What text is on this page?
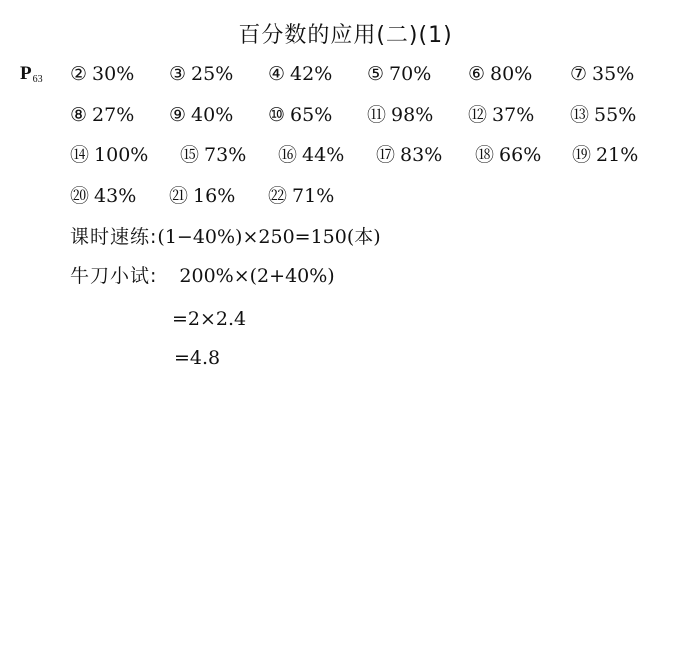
百分数的应用(二)(1)
$P_{63}$ ② 30% ③ 25% ④ 42% ⑤ 70% ⑥ 80% ⑦ 35%
⑧ 27% ⑨ 40% ⑩ 65% ⑪ 98% ⑫ 37% ⑬ 55%
⑭ 100% ⑮ 73% ⑯ 44% ⑰ 83% ⑱ 66% ⑲ 21%
⑳ 43% ㉑ 16% ㉒ 71%
课时速练:(1−40%)×250=150(本)
牛刀小试: 200%×(2+40%)
=2×2.4
=4.8
